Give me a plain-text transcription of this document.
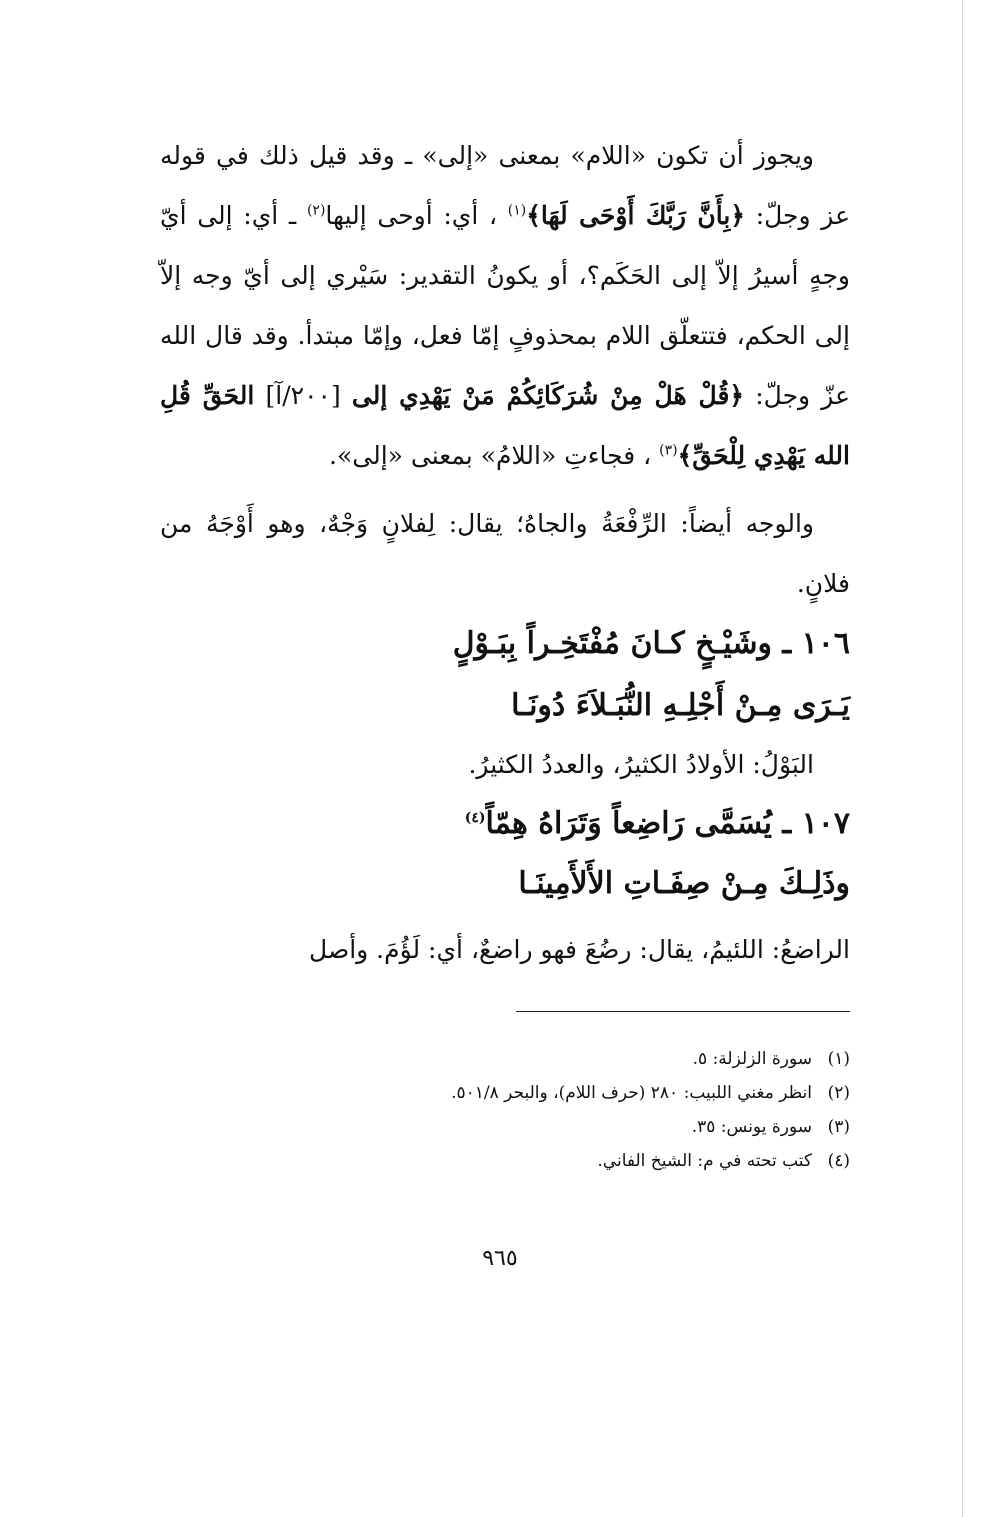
ويجوز أن تكون «اللام» بمعنى «إلى» ـ وقد قيل ذلك في قوله عز وجلّ: ﴿بِأَنَّ رَبَّكَ أَوْحَى لَهَا﴾$^{(١)}$ ، أي: أوحى إليها$^{(٢)}$ ـ أي: إلى أيّ وجهٍ أسيرُ إلاّ إلى الحَكَم؟، أو يكونُ التقدير: سَيْري إلى أيّ وجه إلاّ إلى الحكم، فتتعلّق اللام بمحذوفٍ إمّا فعل، وإمّا مبتدأ. وقد قال الله عزّ وجلّ: ﴿قُلْ هَلْ مِنْ شُرَكَائِكُمْ مَنْ يَهْدِي إلى [٢٠٠/آ] الحَقِّ قُلِ الله يَهْدِي لِلْحَقِّ﴾$^{(٣)}$ ، فجاءتِ «اللامُ» بمعنى «إلى».

والوجه أيضاً: الرِّفْعَةُ والجاهُ؛ يقال: لِفلانٍ وَجْهٌ، وهو أَوْجَهُ من فلانٍ.

١٠٦ ـ وشَيْـخٍ كـانَ مُفْتَخِـراً بِبَـوْلٍ
يَـرَى مِـنْ أَجْلِـهِ النُّبَـلاَءَ دُونَـا
البَوْلُ: الأولادُ الكثيرُ، والعددُ الكثيرُ.
١٠٧ ـ يُسَمَّى رَاضِعاً وَتَرَاهُ هِمّاً$^{(٤)}$
وذَلِـكَ مِـنْ صِفَـاتِ الأَلأَمِينَـا
الراضعُ: اللئيمُ، يقال: رضُعَ فهو راضعٌ، أي: لَؤُمَ. وأصل

(١)سورة الزلزلة: ٥.

(٢)انظر مغني اللبيب: ٢٨٠ (حرف اللام)، والبحر ٥٠١/٨.

(٣)سورة يونس: ٣٥.

(٤)كتب تحته في م: الشيخ الفاني.

٩٦٥
